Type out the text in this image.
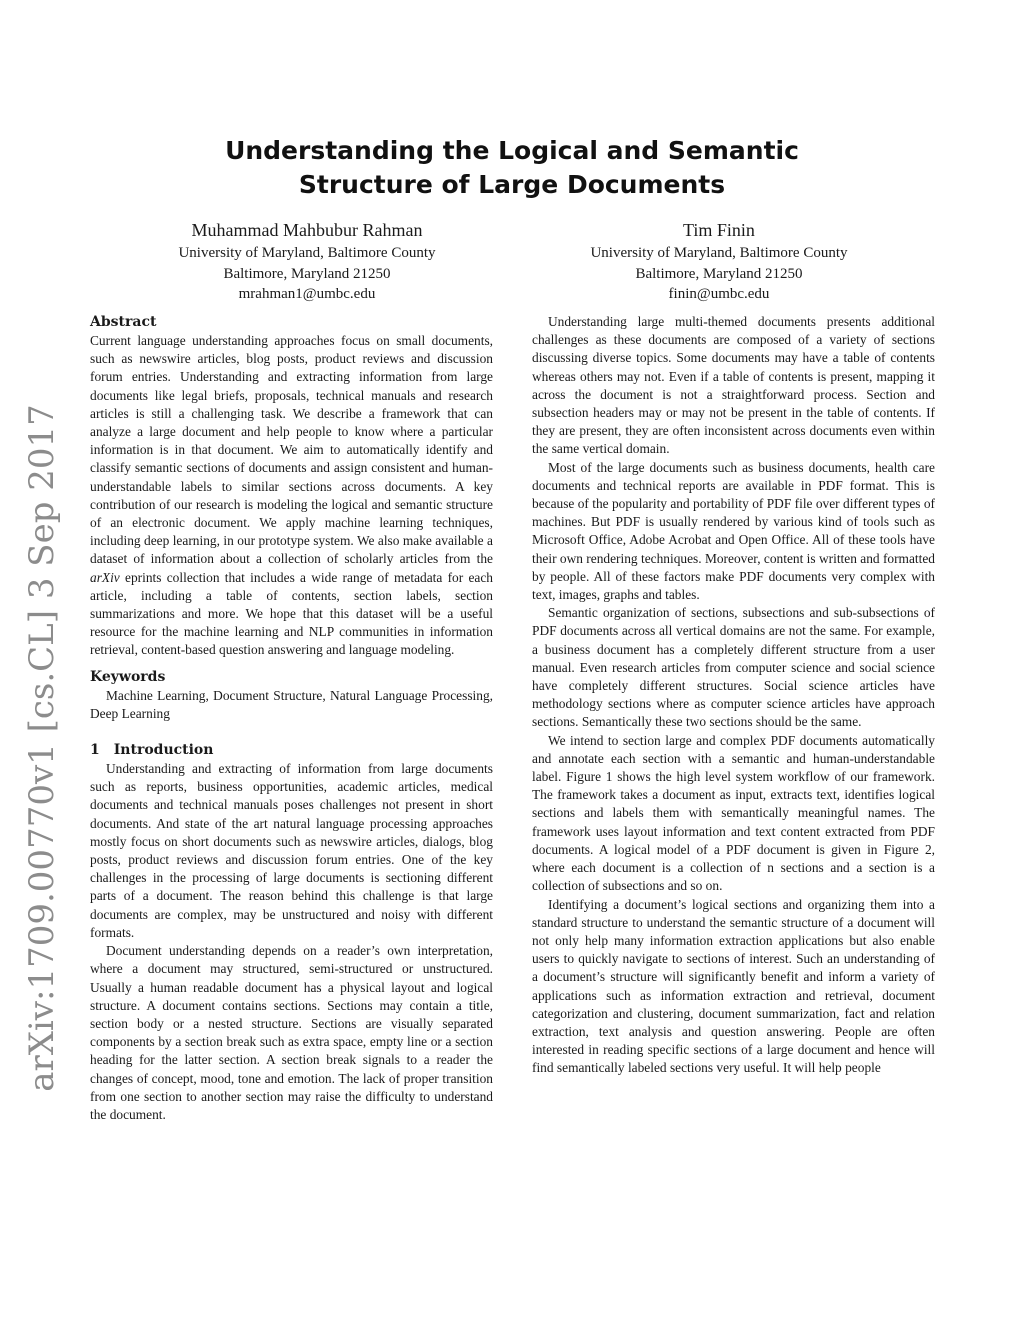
arXiv:1709.00770v1 [cs.CL] 3 Sep 2017
Understanding the Logical and Semantic
Structure of Large Documents
Muhammad Mahbubur Rahman
University of Maryland, Baltimore County
Baltimore, Maryland 21250
mrahman1@umbc.edu
Tim Finin
University of Maryland, Baltimore County
Baltimore, Maryland 21250
finin@umbc.edu
Abstract

Current language understanding approaches focus on small documents, such as newswire articles, blog posts, product reviews and discussion forum entries. Understanding and extracting information from large documents like legal briefs, proposals, technical manuals and research articles is still a challenging task. We describe a framework that can analyze a large document and help people to know where a particular information is in that document. We aim to automatically identify and classify semantic sections of documents and assign consistent and human-understandable labels to similar sections across documents. A key contribution of our research is modeling the logical and semantic structure of an electronic document. We apply machine learning techniques, including deep learning, in our prototype system. We also make available a dataset of information about a collection of scholarly articles from the arXiv eprints collection that includes a wide range of metadata for each article, including a table of contents, section labels, section summarizations and more. We hope that this dataset will be a useful resource for the machine learning and NLP communities in information retrieval, content-based question answering and language modeling.

Keywords

Machine Learning, Document Structure, Natural Language Processing, Deep Learning

1 Introduction

Understanding and extracting of information from large documents such as reports, business opportunities, academic articles, medical documents and technical manuals poses challenges not present in short documents. And state of the art natural language processing approaches mostly focus on short documents such as newswire articles, dialogs, blog posts, product reviews and discussion forum entries. One of the key challenges in the processing of large documents is sectioning different parts of a document. The reason behind this challenge is that large documents are complex, may be unstructured and noisy with different formats.

Document understanding depends on a reader’s own interpretation, where a document may structured, semi-structured or unstructured. Usually a human readable document has a physical layout and logical structure. A document contains sections. Sections may contain a title, section body or a nested structure. Sections are visually separated components by a section break such as extra space, empty line or a section heading for the latter section. A section break signals to a reader the changes of concept, mood, tone and emotion. The lack of proper transition from one section to another section may raise the difficulty to understand the document.

Understanding large multi-themed documents presents additional challenges as these documents are composed of a variety of sections discussing diverse topics. Some documents may have a table of contents whereas others may not. Even if a table of contents is present, mapping it across the document is not a straightforward process. Section and subsection headers may or may not be present in the table of contents. If they are present, they are often inconsistent across documents even within the same vertical domain.

Most of the large documents such as business documents, health care documents and technical reports are available in PDF format. This is because of the popularity and portability of PDF file over different types of machines. But PDF is usually rendered by various kind of tools such as Microsoft Office, Adobe Acrobat and Open Office. All of these tools have their own rendering techniques. Moreover, content is written and formatted by people. All of these factors make PDF documents very complex with text, images, graphs and tables.

Semantic organization of sections, subsections and sub-subsections of PDF documents across all vertical domains are not the same. For example, a business document has a completely different structure from a user manual. Even research articles from computer science and social science have completely different structures. Social science articles have methodology sections where as computer science articles have approach sections. Semantically these two sections should be the same.

We intend to section large and complex PDF documents automatically and annotate each section with a semantic and human-understandable label. Figure 1 shows the high level system workflow of our framework. The framework takes a document as input, extracts text, identifies logical sections and labels them with semantically meaningful names. The framework uses layout information and text content extracted from PDF documents. A logical model of a PDF document is given in Figure 2, where each document is a collection of n sections and a section is a collection of subsections and so on.

Identifying a document’s logical sections and organizing them into a standard structure to understand the semantic structure of a document will not only help many information extraction applications but also enable users to quickly navigate to sections of interest. Such an understanding of a document’s structure will significantly benefit and inform a variety of applications such as information extraction and retrieval, document categorization and clustering, document summarization, fact and relation extraction, text analysis and question answering. People are often interested in reading specific sections of a large document and hence will find semantically labeled sections very useful. It will help people
